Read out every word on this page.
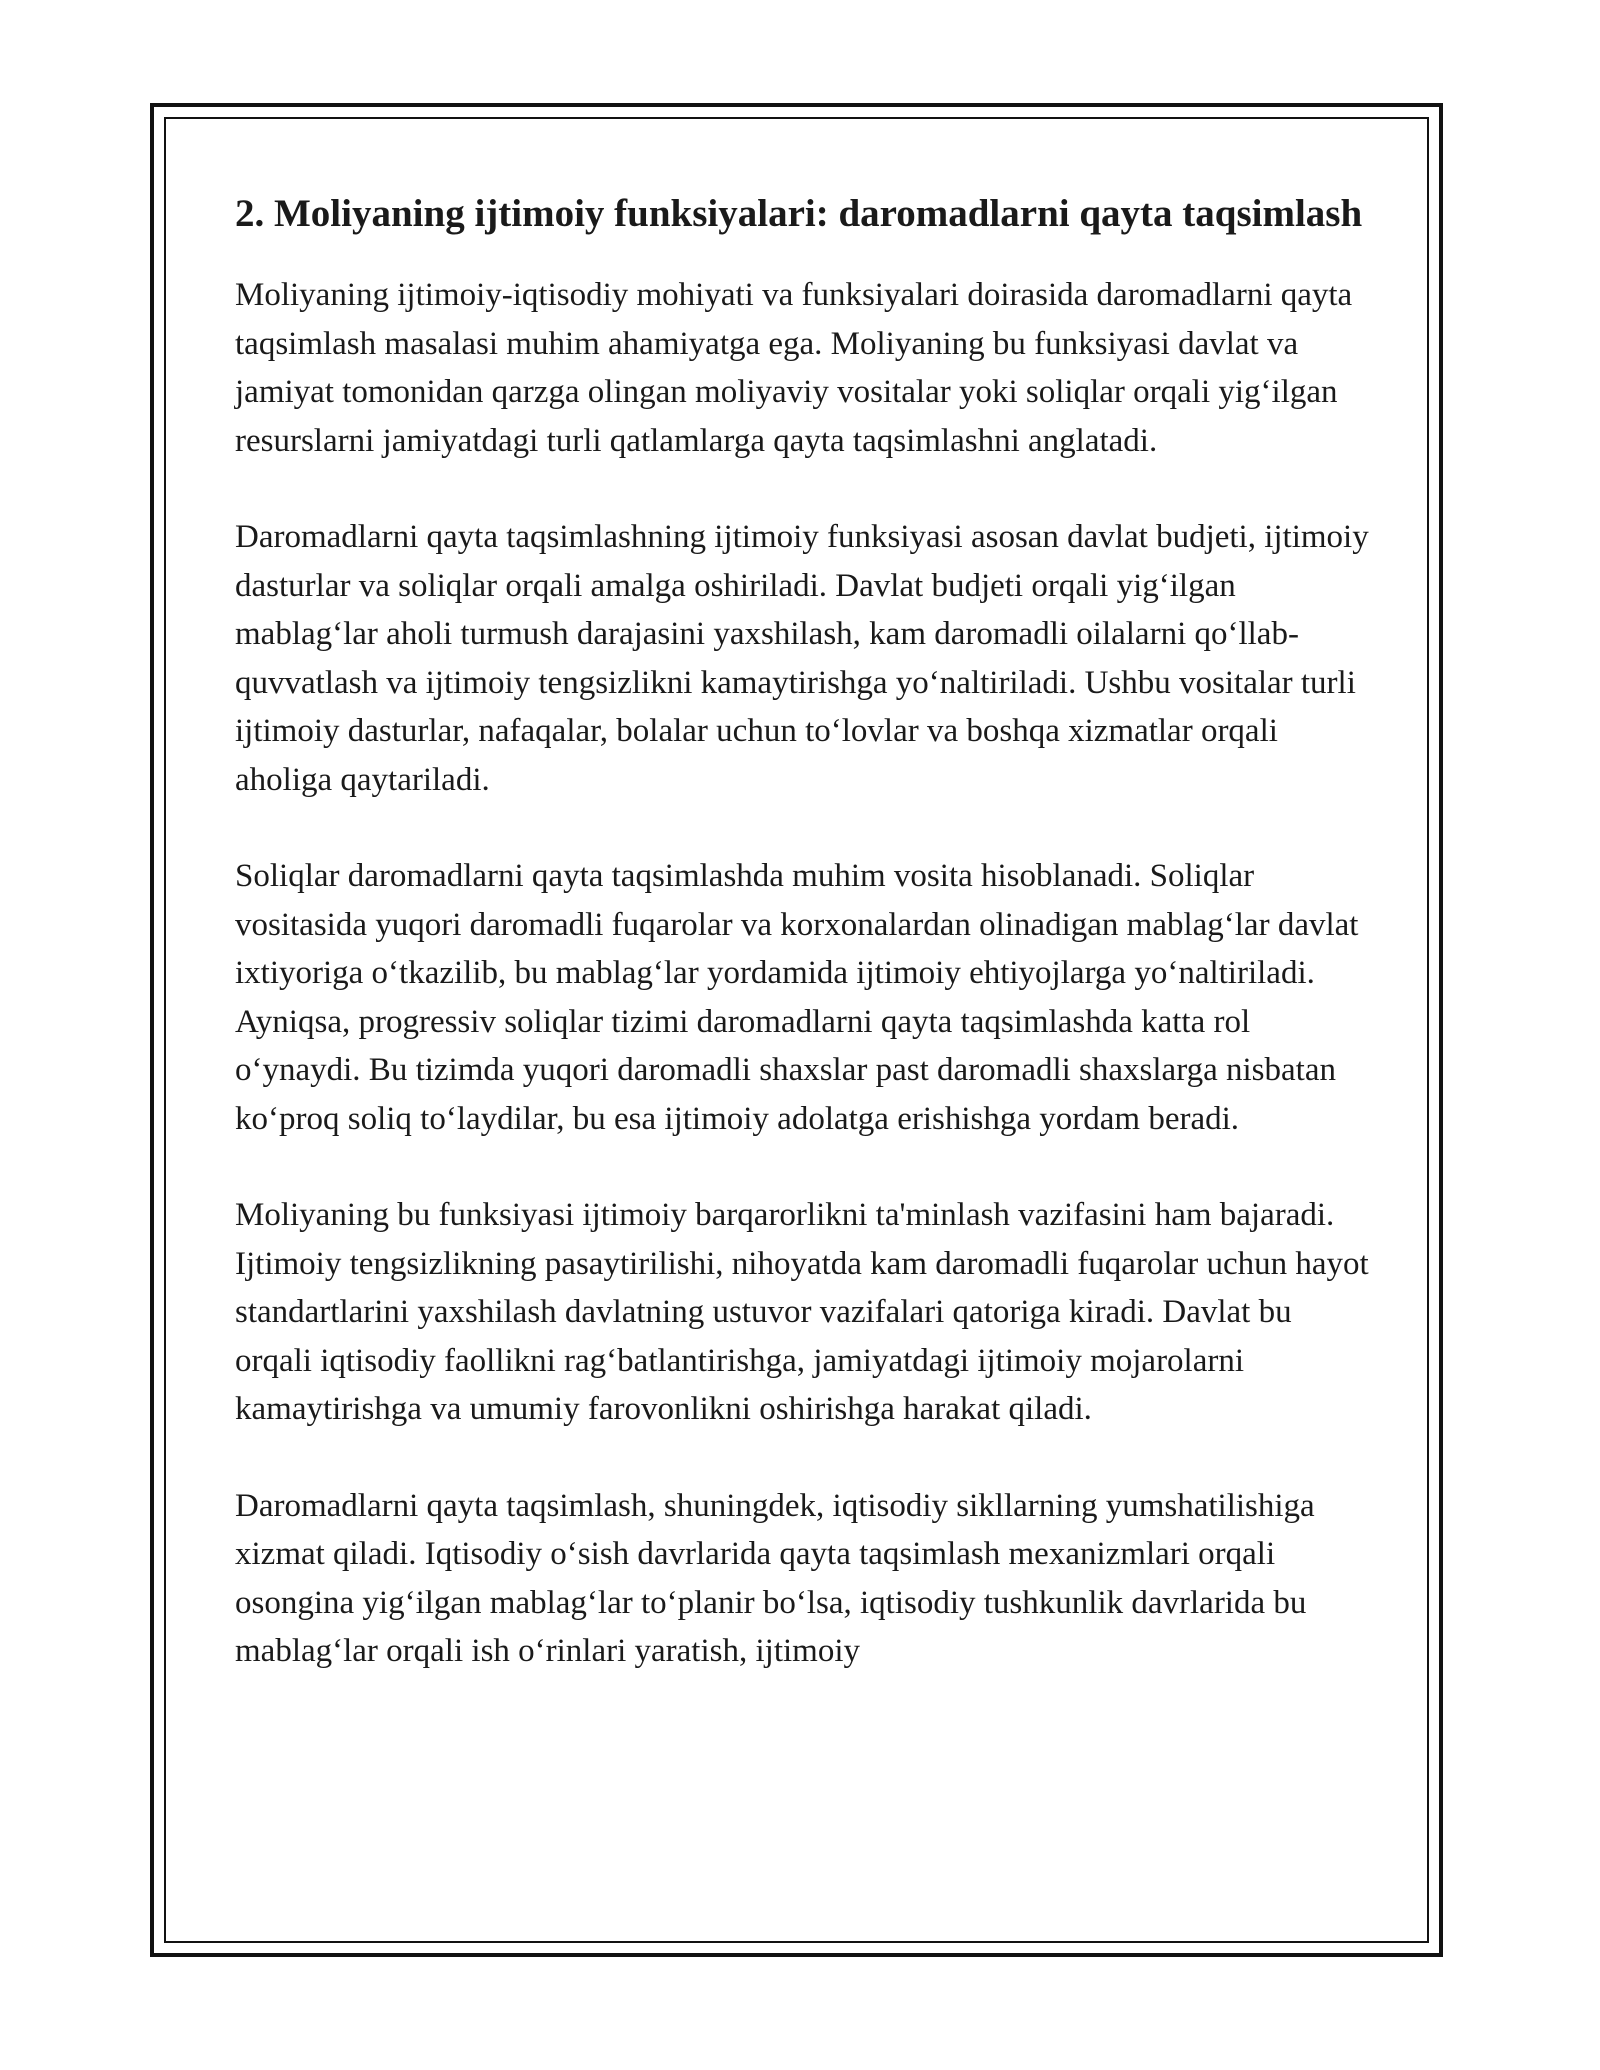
2. Moliyaning ijtimoiy funksiyalari: daromadlarni qayta taqsimlash

Moliyaning ijtimoiy-iqtisodiy mohiyati va funksiyalari doirasida daromadlarni qayta taqsimlash masalasi muhim ahamiyatga ega. Moliyaning bu funksiyasi davlat va jamiyat tomonidan qarzga olingan moliyaviy vositalar yoki soliqlar orqali yig‘ilgan resurslarni jamiyatdagi turli qatlamlarga qayta taqsimlashni anglatadi.

Daromadlarni qayta taqsimlashning ijtimoiy funksiyasi asosan davlat budjeti, ijtimoiy dasturlar va soliqlar orqali amalga oshiriladi. Davlat budjeti orqali yig‘ilgan mablag‘lar aholi turmush darajasini yaxshilash, kam daromadli oilalarni qo‘llab-quvvatlash va ijtimoiy tengsizlikni kamaytirishga yo‘naltiriladi. Ushbu vositalar turli ijtimoiy dasturlar, nafaqalar, bolalar uchun to‘lovlar va boshqa xizmatlar orqali aholiga qaytariladi.

Soliqlar daromadlarni qayta taqsimlashda muhim vosita hisoblanadi. Soliqlar vositasida yuqori daromadli fuqarolar va korxonalardan olinadigan mablag‘lar davlat ixtiyoriga o‘tkazilib, bu mablag‘lar yordamida ijtimoiy ehtiyojlarga yo‘naltiriladi. Ayniqsa, progressiv soliqlar tizimi daromadlarni qayta taqsimlashda katta rol o‘ynaydi. Bu tizimda yuqori daromadli shaxslar past daromadli shaxslarga nisbatan ko‘proq soliq to‘laydilar, bu esa ijtimoiy adolatga erishishga yordam beradi.

Moliyaning bu funksiyasi ijtimoiy barqarorlikni ta'minlash vazifasini ham bajaradi. Ijtimoiy tengsizlikning pasaytirilishi, nihoyatda kam daromadli fuqarolar uchun hayot standartlarini yaxshilash davlatning ustuvor vazifalari qatoriga kiradi. Davlat bu orqali iqtisodiy faollikni rag‘batlantirishga, jamiyatdagi ijtimoiy mojarolarni kamaytirishga va umumiy farovonlikni oshirishga harakat qiladi.

Daromadlarni qayta taqsimlash, shuningdek, iqtisodiy sikllarning yumshatilishiga xizmat qiladi. Iqtisodiy o‘sish davrlarida qayta taqsimlash mexanizmlari orqali osongina yig‘ilgan mablag‘lar to‘planir bo‘lsa, iqtisodiy tushkunlik davrlarida bu mablag‘lar orqali ish o‘rinlari yaratish, ijtimoiy
